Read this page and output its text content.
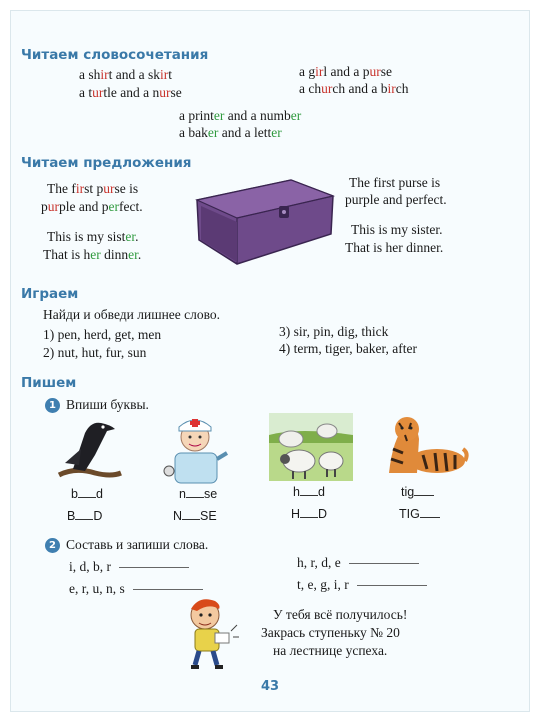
Читаем словосочетания
a shirt and a skirt
a turtle and a nurse
a girl and a purse
a church and a birch
a printer and a number
a baker and a letter
Читаем предложения
The first purse is
purple and perfect.
This is my sister.
That is her dinner.
The first purse is
purple and perfect.
This is my sister.
That is her dinner.
Играем
Найди и обведи лишнее слово.
1) pen, herd, get, men
2) nut, hut, fur, sun
3) sir, pin, dig, thick
4) term, tiger, baker, after
Пишем
1 Впиши буквы.
b d	n se	h d	tig
B D	N SE	H D	TIG
2 Составь и запиши слова.
i, d, b, r
e, r, u, n, s
h, r, d, e
t, e, g, i, r
У тебя всё получилось!
Закрась ступеньку № 20
на лестнице успеха.
43
